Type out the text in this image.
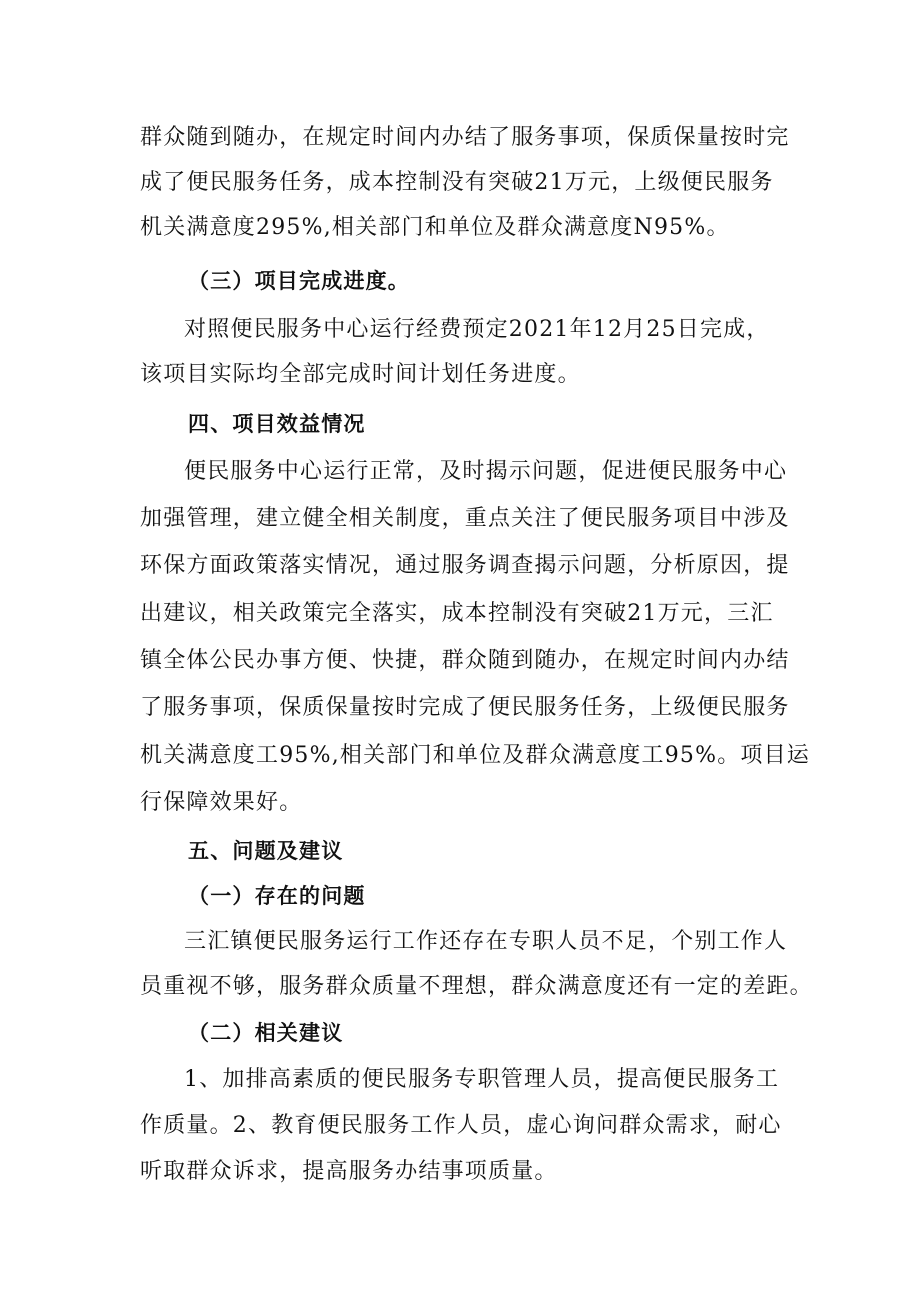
群众随到随办，在规定时间内办结了服务事项，保质保量按时完
成了便民服务任务，成本控制没有突破21万元，上级便民服务
机关满意度295%,相关部门和单位及群众满意度N95%。
（三）项目完成进度。
对照便民服务中心运行经费预定2021年12月25日完成，
该项目实际均全部完成时间计划任务进度。
四、项目效益情况
便民服务中心运行正常，及时揭示问题，促进便民服务中心
加强管理，建立健全相关制度，重点关注了便民服务项目中涉及
环保方面政策落实情况，通过服务调查揭示问题，分析原因，提
出建议，相关政策完全落实，成本控制没有突破21万元，三汇
镇全体公民办事方便、快捷，群众随到随办，在规定时间内办结
了服务事项，保质保量按时完成了便民服务任务，上级便民服务
机关满意度工95%,相关部门和单位及群众满意度工95%。项目运
行保障效果好。
五、问题及建议
（一）存在的问题
三汇镇便民服务运行工作还存在专职人员不足，个别工作人
员重视不够，服务群众质量不理想，群众满意度还有一定的差距。
（二）相关建议
1、加排高素质的便民服务专职管理人员，提高便民服务工
作质量。2、教育便民服务工作人员，虚心询问群众需求，耐心
听取群众诉求，提高服务办结事项质量。
